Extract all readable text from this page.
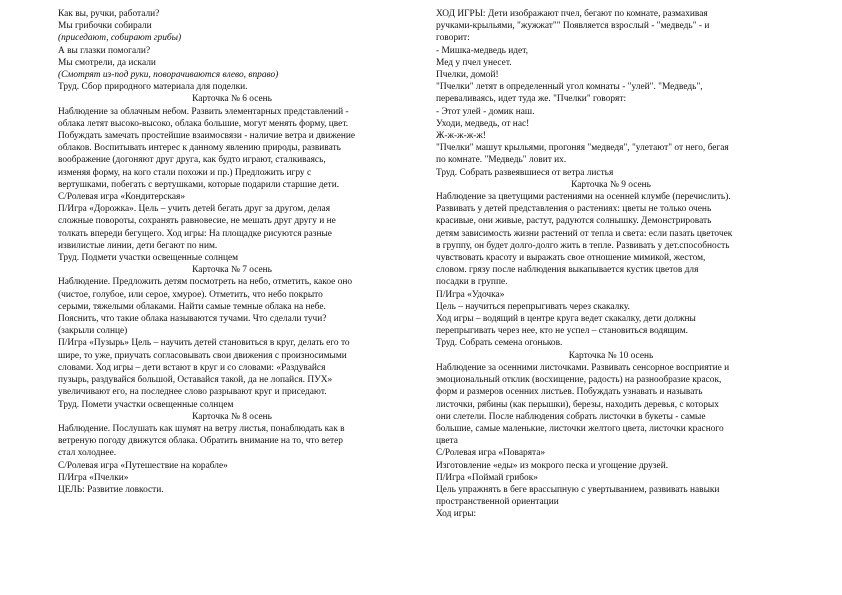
Как вы, ручки, работали?
Мы грибочки собирали
(приседают, собирают грибы)
А вы глазки помогали?
Мы смотрели, да искали
(Смотрят из-под руки, поворачиваются влево, вправо)
Труд. Сбор природного материала для поделки.
Карточка № 6 осень
Наблюдение за облачным небом. Развить элементарных представлений -
облака летят высоко-высоко, облака большие, могут менять форму, цвет.
Побуждать замечать простейшие взаимосвязи - наличие ветра и движение
облаков. Воспитывать интерес к данному явлению природы, развивать
воображение (догоняют друг друга, как будто играют, сталкиваясь,
изменяя форму, на кого стали похожи и пр.) Предложить игру с
вертушками, побегать с вертушками, которые подарили старшие дети.
С/Ролевая игра «Кондитерская»
П/Игра «Дорожка». Цель – учить детей бегать друг за другом, делая
сложные повороты, сохранять равновесие, не мешать друг другу и не
толкать впереди бегущего. Ход игры: На площадке рисуются разные
извилистые линии, дети бегают по ним.
Труд. Подмети участки освещенные солнцем
Карточка № 7 осень
Наблюдение. Предложить детям посмотреть на небо, отметить, какое оно
(чистое, голубое, или серое, хмурое). Отметить, что небо покрыто
серыми, тяжелыми облаками. Найти самые темные облака на небе.
Пояснить, что такие облака называются тучами. Что сделали тучи?
(закрыли солнце)
П/Игра «Пузырь» Цель – научить детей становиться в круг, делать его то
шире, то уже, приучать согласовывать свои движения с произносимыми
словами. Ход игры – дети встают в круг и со словами: «Раздувайся
пузырь, раздувайся большой, Оставайся такой, да не лопайся. ПУХ»
увеличивают его, на последнее слово разрывают круг и приседают.
Труд. Помети участки освещенные солнцем
Карточка № 8 осень
Наблюдение. Послушать как шумят на ветру листья, понаблюдать как в
ветреную погоду движутся облака. Обратить внимание на то, что ветер
стал холоднее.
С/Ролевая игра «Путешествие на корабле»
П/Игра «Пчелки»
ЦЕЛЬ: Развитие ловкости.
ХОД ИГРЫ: Дети изображают пчел, бегают по комнате, размахивая
ручками-крыльями, "жужжат"" Появляется взрослый - "медведь" - и
говорит:
- Мишка-медведь идет,
Мед у пчел унесет.
Пчелки, домой!
"Пчелки" летят в определенный угол комнаты - "улей". "Медведь",
переваливаясь, идет туда же. "Пчелки" говорят:
- Этот улей - домик наш.
Уходи, медведь, от нас!
Ж-ж-ж-ж-ж!
"Пчелки" машут крыльями, прогоняя "медведя", "улетают" от него, бегая
по комнате. "Медведь" ловит их.
Труд. Собрать развеявшиеся от ветра листья
Карточка № 9 осень
Наблюдение за цветущими растениями на осенней клумбе (перечислить).
Развивать у детей представления о растениях: цветы не только очень
красивые, они живые, растут, радуются солнышку. Демонстрировать
детям зависимость жизни растений от тепла и света: если пазать цветочек
в группу, он будет долго-долго жить в тепле. Развивать у дет.способность
чувствовать красоту и выражать свое отношение мимикой, жестом,
словом. грязу после наблюдения выкапывается кустик цветов для
посадки в группе.
П/Игра «Удочка»
Цель – научиться перепрыгивать через скакалку.
Ход игры – водящий в центре круга ведет скакалку, дети должны
перепрыгивать через нее, кто не успел – становиться водящим.
Труд. Собрать семена огоньков.
Карточка № 10 осень
Наблюдение за осенними листочками. Развивать сенсорное восприятие и
эмоциональный отклик (восхищение, радость) на разнообразие красок,
форм и размеров осенних листьев. Побуждать узнавать и называть
листочки, рябины (как перышки), березы, находить деревья, с которых
они слетели. После наблюдения собрать листочки в букеты - самые
большие, самые маленькие, листочки желтого цвета, листочки красного
цвета
С/Ролевая игра «Поварята»
Изготовление «еды» из мокрого песка и угощение друзей.
П/Игра «Поймай грибок»
Цель упражнять в беге врассыпную с увертыванием, развивать навыки
пространственной ориентации
Ход игры:
